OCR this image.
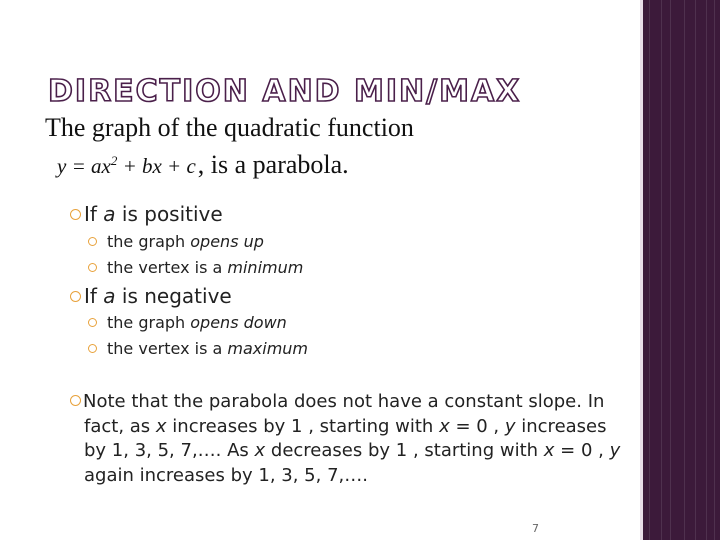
DIRECTION AND MIN/MAX
The graph of the quadratic function
$y = ax^2$ + bx + c, is a parabola.
If a is positive
the graph opens up
the vertex is a minimum
If a is negative
the graph opens down
the vertex is a maximum

Note that the parabola does not have a constant slope. In fact, as x increases by 1 , starting with x = 0 , y increases by 1, 3, 5, 7,…. As x decreases by 1 , starting with x = 0 , y again increases by 1, 3, 5, 7,….

7
